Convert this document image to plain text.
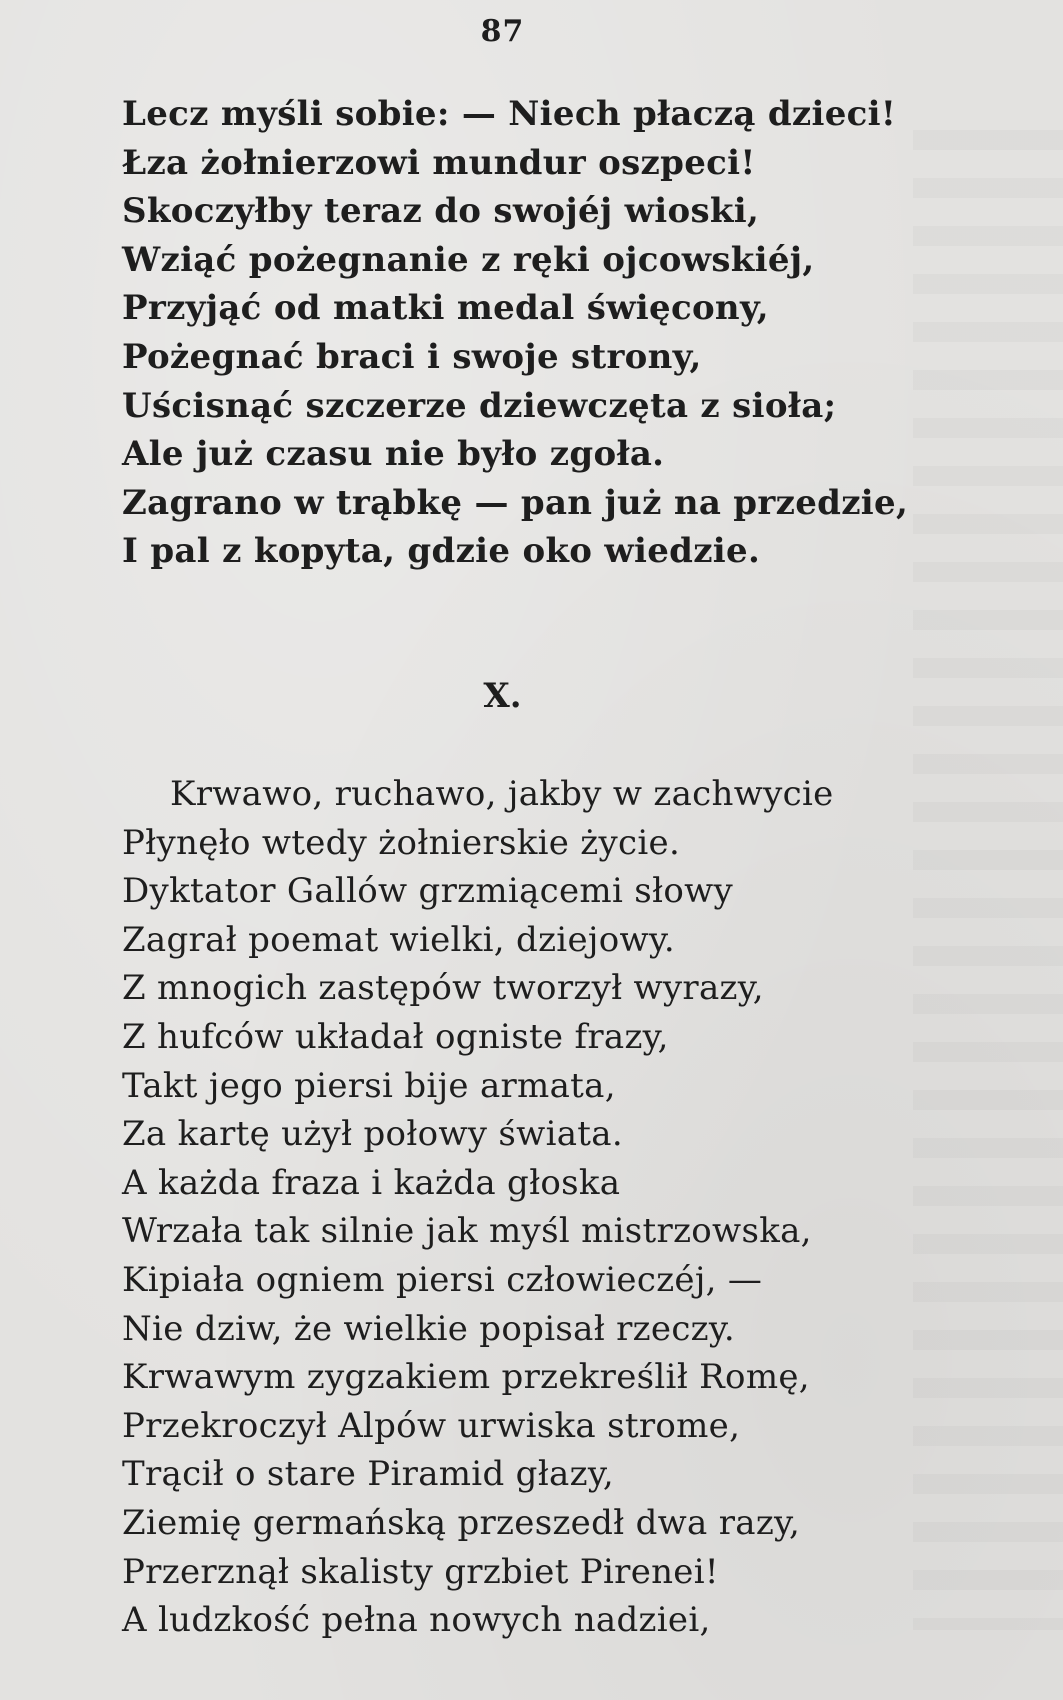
87
Lecz myśli sobie: — Niech płaczą dzieci!
Łza żołnierzowi mundur oszpeci!
Skoczyłby teraz do swojéj wioski,
Wziąć pożegnanie z ręki ojcowskiéj,
Przyjąć od matki medal święcony,
Pożegnać braci i swoje strony,
Uścisnąć szczerze dziewczęta z sioła;
Ale już czasu nie było zgoła.
Zagrano w trąbkę — pan już na przedzie,
I pal z kopyta, gdzie oko wiedzie.
X.
Krwawo, ruchawo, jakby w zachwycie
Płynęło wtedy żołnierskie życie.
Dyktator Gallów grzmiącemi słowy
Zagrał poemat wielki, dziejowy.
Z mnogich zastępów tworzył wyrazy,
Z hufców układał ogniste frazy,
Takt jego piersi bije armata,
Za kartę użył połowy świata.
A każda fraza i każda głoska
Wrzała tak silnie jak myśl mistrzowska,
Kipiała ogniem piersi człowieczéj, —
Nie dziw, że wielkie popisał rzeczy.
Krwawym zygzakiem przekreślił Romę,
Przekroczył Alpów urwiska strome,
Trącił o stare Piramid głazy,
Ziemię germańską przeszedł dwa razy,
Przerznął skalisty grzbiet Pirenei!
A ludzkość pełna nowych nadziei,
